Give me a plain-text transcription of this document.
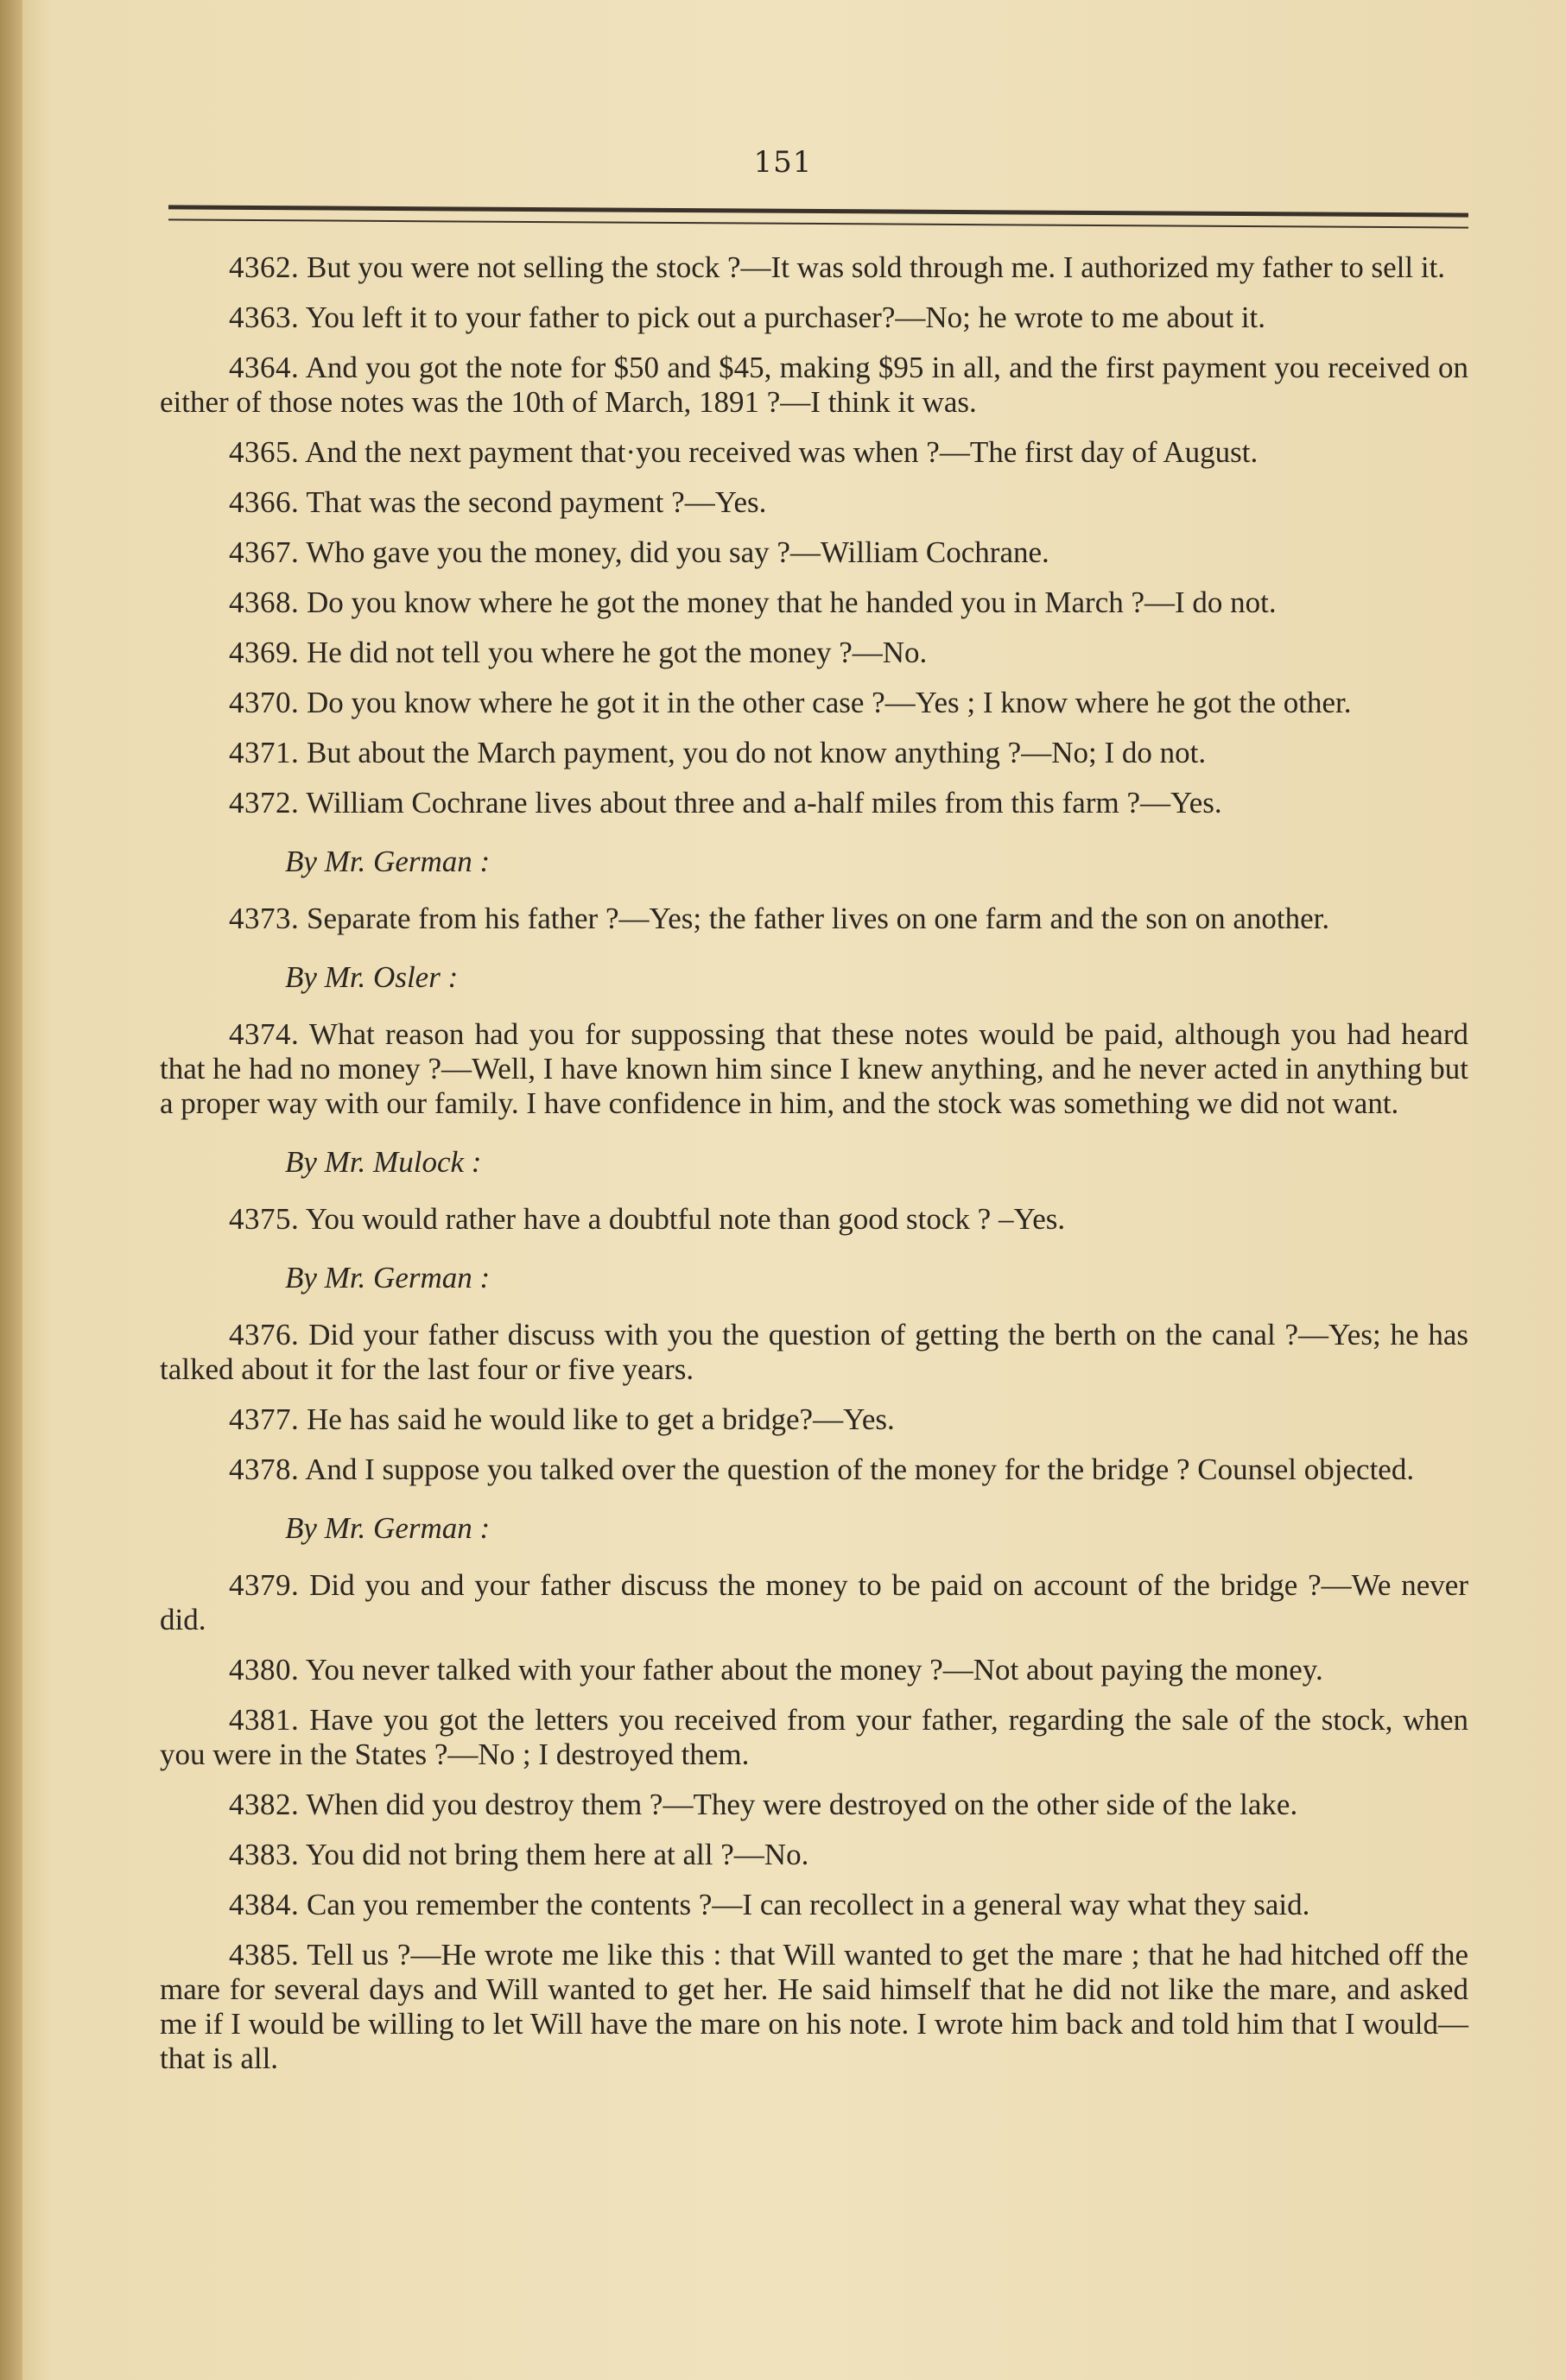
151

4362. But you were not selling the stock ?—It was sold through me. I authorized my father to sell it.

4363. You left it to your father to pick out a purchaser?—No; he wrote to me about it.

4364. And you got the note for $50 and $45, making $95 in all, and the first payment you received on either of those notes was the 10th of March, 1891 ?—I think it was.

4365. And the next payment that·you received was when ?—The first day of August.

4366. That was the second payment ?—Yes.

4367. Who gave you the money, did you say ?—William Cochrane.

4368. Do you know where he got the money that he handed you in March ?—I do not.

4369. He did not tell you where he got the money ?—No.

4370. Do you know where he got it in the other case ?—Yes ; I know where he got the other.

4371. But about the March payment, you do not know anything ?—No; I do not.

4372. William Cochrane lives about three and a-half miles from this farm ?—Yes.

By Mr. German :

4373. Separate from his father ?—Yes; the father lives on one farm and the son on another.

By Mr. Osler :

4374. What reason had you for suppossing that these notes would be paid, although you had heard that he had no money ?—Well, I have known him since I knew anything, and he never acted in anything but a proper way with our family. I have confidence in him, and the stock was something we did not want.

By Mr. Mulock :

4375. You would rather have a doubtful note than good stock ? –Yes.

By Mr. German :

4376. Did your father discuss with you the question of getting the berth on the canal ?—Yes; he has talked about it for the last four or five years.

4377. He has said he would like to get a bridge?—Yes.

4378. And I suppose you talked over the question of the money for the bridge ? Counsel objected.

By Mr. German :

4379. Did you and your father discuss the money to be paid on account of the bridge ?—We never did.

4380. You never talked with your father about the money ?—Not about paying the money.

4381. Have you got the letters you received from your father, regarding the sale of the stock, when you were in the States ?—No ; I destroyed them.

4382. When did you destroy them ?—They were destroyed on the other side of the lake.

4383. You did not bring them here at all ?—No.

4384. Can you remember the contents ?—I can recollect in a general way what they said.

4385. Tell us ?—He wrote me like this : that Will wanted to get the mare ; that he had hitched off the mare for several days and Will wanted to get her. He said himself that he did not like the mare, and asked me if I would be willing to let Will have the mare on his note. I wrote him back and told him that I would—that is all.
